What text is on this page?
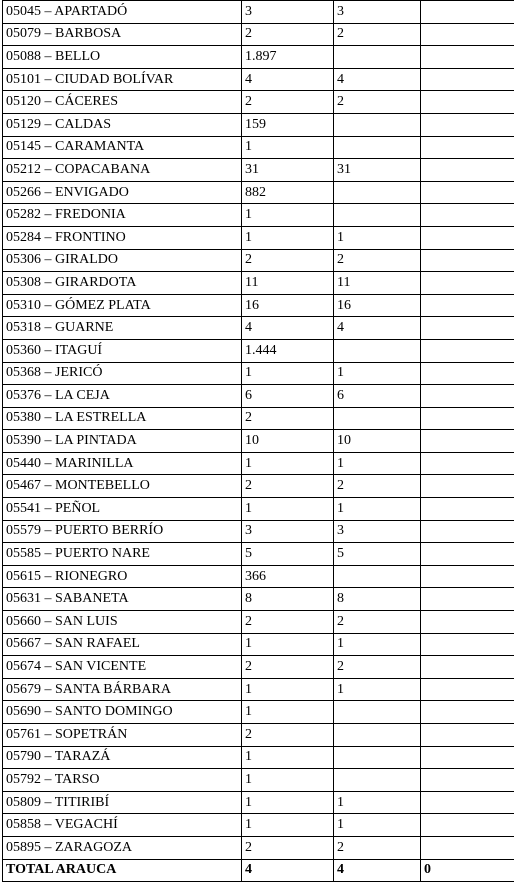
05045 – APARTADÓ	3	3	
05079 – BARBOSA	2	2	
05088 – BELLO	1.897		
05101 – CIUDAD BOLÍVAR	4	4	
05120 – CÁCERES	2	2	
05129 – CALDAS	159		
05145 – CARAMANTA	1		
05212 – COPACABANA	31	31	
05266 – ENVIGADO	882		
05282 – FREDONIA	1		
05284 – FRONTINO	1	1	
05306 – GIRALDO	2	2	
05308 – GIRARDOTA	11	11	
05310 – GÓMEZ PLATA	16	16	
05318 – GUARNE	4	4	
05360 – ITAGUÍ	1.444		
05368 – JERICÓ	1	1	
05376 – LA CEJA	6	6	
05380 – LA ESTRELLA	2		
05390 – LA PINTADA	10	10	
05440 – MARINILLA	1	1	
05467 – MONTEBELLO	2	2	
05541 – PEÑOL	1	1	
05579 – PUERTO BERRÍO	3	3	
05585 – PUERTO NARE	5	5	
05615 – RIONEGRO	366		
05631 – SABANETA	8	8	
05660 – SAN LUIS	2	2	
05667 – SAN RAFAEL	1	1	
05674 – SAN VICENTE	2	2	
05679 – SANTA BÁRBARA	1	1	
05690 – SANTO DOMINGO	1		
05761 – SOPETRÁN	2		
05790 – TARAZÁ	1		
05792 – TARSO	1		
05809 – TITIRIBÍ	1	1	
05858 – VEGACHÍ	1	1	
05895 – ZARAGOZA	2	2	
TOTAL ARAUCA	4	4	0
